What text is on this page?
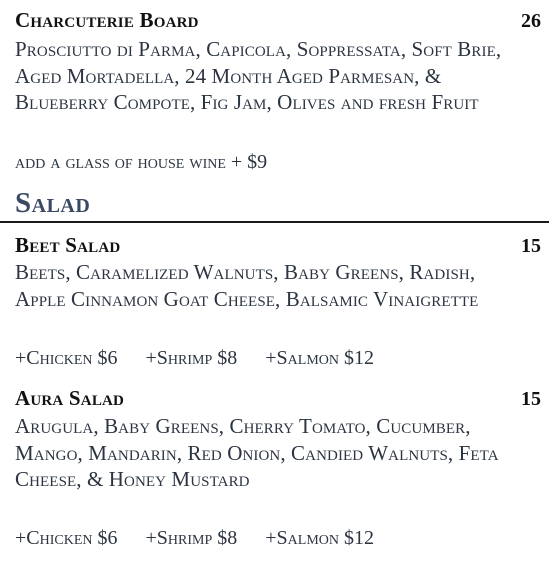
Charcuterie Board	26
Prosciutto di Parma, Capicola, Soppressata, Soft Brie, Aged Mortadella, 24 Month Aged Parmesan, & Blueberry Compote, Fig Jam, Olives and fresh Fruit
add a glass of house wine + $9
Salad
Beet Salad	15
Beets, Caramelized Walnuts, Baby Greens, Radish, Apple Cinnamon Goat Cheese, Balsamic Vinaigrette
+Chicken $6 +Shrimp $8 +Salmon $12
Aura Salad	15
Arugula, Baby Greens, Cherry Tomato, Cucumber, Mango, Mandarin, Red Onion, Candied Walnuts, Feta Cheese, & Honey Mustard
+Chicken $6 +Shrimp $8 +Salmon $12
